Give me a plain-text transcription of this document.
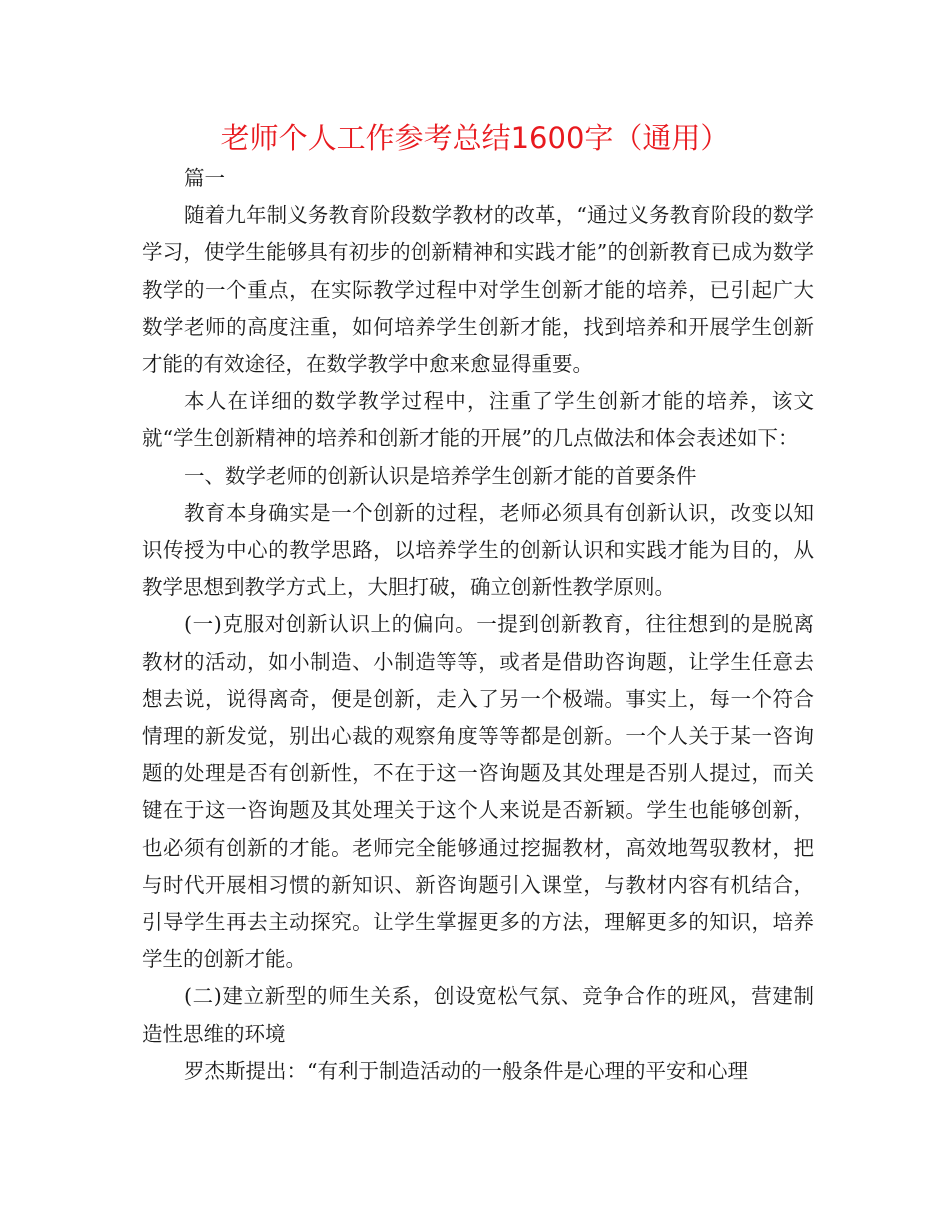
老师个人工作参考总结1600字（通用）

篇一

随着九年制义务教育阶段数学教材的改革，“通过义务教育阶段的数学学习，使学生能够具有初步的创新精神和实践才能”的创新教育已成为数学教学的一个重点，在实际教学过程中对学生创新才能的培养，已引起广大数学老师的高度注重，如何培养学生创新才能，找到培养和开展学生创新才能的有效途径，在数学教学中愈来愈显得重要。

本人在详细的数学教学过程中，注重了学生创新才能的培养，该文就“学生创新精神的培养和创新才能的开展”的几点做法和体会表述如下：

一、数学老师的创新认识是培养学生创新才能的首要条件

教育本身确实是一个创新的过程，老师必须具有创新认识，改变以知识传授为中心的教学思路，以培养学生的创新认识和实践才能为目的，从教学思想到教学方式上，大胆打破，确立创新性教学原则。

(一)克服对创新认识上的偏向。一提到创新教育，往往想到的是脱离教材的活动，如小制造、小制造等等，或者是借助咨询题，让学生任意去想去说，说得离奇，便是创新，走入了另一个极端。事实上，每一个符合情理的新发觉，别出心裁的观察角度等等都是创新。一个人关于某一咨询题的处理是否有创新性，不在于这一咨询题及其处理是否别人提过，而关键在于这一咨询题及其处理关于这个人来说是否新颖。学生也能够创新，也必须有创新的才能。老师完全能够通过挖掘教材，高效地驾驭教材，把与时代开展相习惯的新知识、新咨询题引入课堂，与教材内容有机结合，引导学生再去主动探究。让学生掌握更多的方法，理解更多的知识，培养学生的创新才能。

(二)建立新型的师生关系，创设宽松气氛、竞争合作的班风，营建制造性思维的环境

罗杰斯提出：“有利于制造活动的一般条件是心理的平安和心理
